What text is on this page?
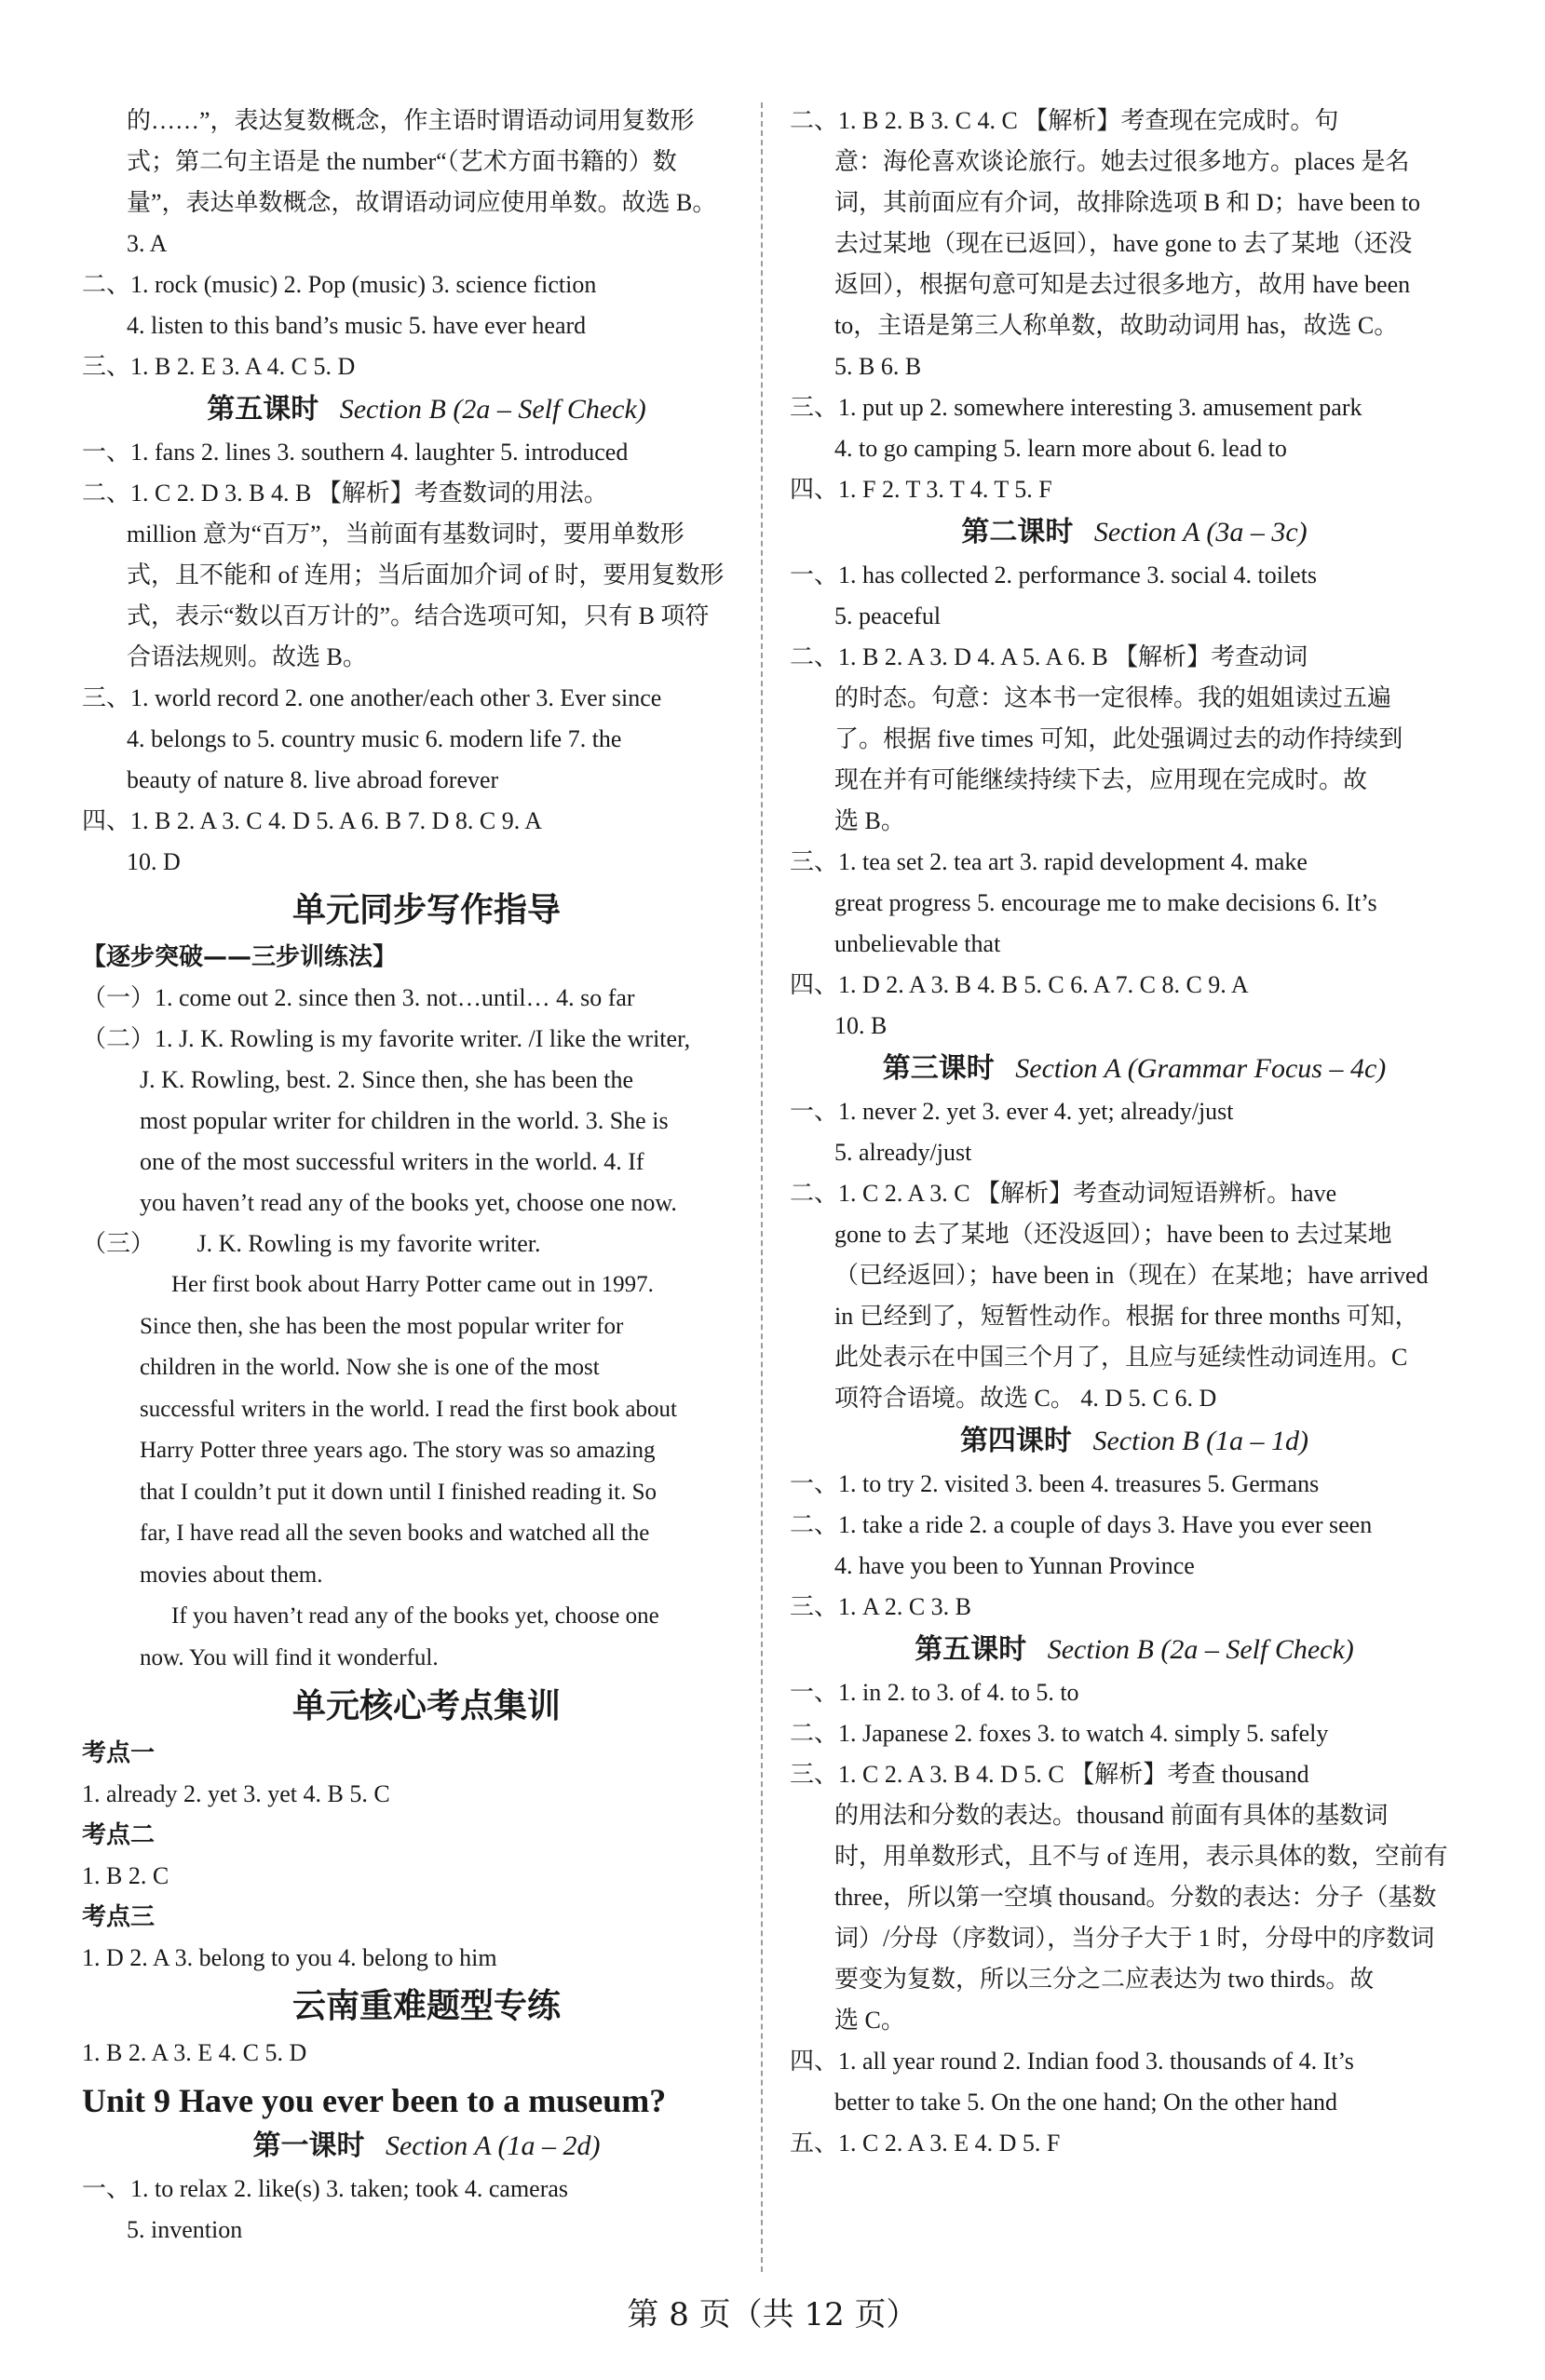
的……”，表达复数概念，作主语时谓语动词用复数形

式；第二句主语是 the number“（艺术方面书籍的）数

量”，表达单数概念，故谓语动词应使用单数。故选 B。

3. A

二、1. rock (music) 2. Pop (music) 3. science fiction

4. listen to this band’s music 5. have ever heard

三、1. B 2. E 3. A 4. C 5. D

第五课时 Section B (2a – Self Check)

一、1. fans 2. lines 3. southern 4. laughter 5. introduced

二、1. C 2. D 3. B 4. B 【解析】考查数词的用法。

million 意为“百万”，当前面有基数词时，要用单数形

式，且不能和 of 连用；当后面加介词 of 时，要用复数形

式，表示“数以百万计的”。结合选项可知，只有 B 项符

合语法规则。故选 B。

三、1. world record 2. one another/each other 3. Ever since

4. belongs to 5. country music 6. modern life 7. the

beauty of nature 8. live abroad forever

四、1. B 2. A 3. C 4. D 5. A 6. B 7. D 8. C 9. A

10. D

单元同步写作指导

【逐步突破——三步训练法】

（一）1. come out 2. since then 3. not…until… 4. so far

（二）1. J. K. Rowling is my favorite writer. /I like the writer,

J. K. Rowling, best. 2. Since then, she has been the

most popular writer for children in the world. 3. She is

one of the most successful writers in the world. 4. If

you haven’t read any of the books yet, choose one now.

（三） J. K. Rowling is my favorite writer.

Her first book about Harry Potter came out in 1997.

Since then, she has been the most popular writer for

children in the world. Now she is one of the most

successful writers in the world. I read the first book about

Harry Potter three years ago. The story was so amazing

that I couldn’t put it down until I finished reading it. So

far, I have read all the seven books and watched all the

movies about them.

If you haven’t read any of the books yet, choose one

now. You will find it wonderful.

单元核心考点集训

考点一

1. already 2. yet 3. yet 4. B 5. C

考点二

1. B 2. C

考点三

1. D 2. A 3. belong to you 4. belong to him

云南重难题型专练

1. B 2. A 3. E 4. C 5. D

Unit 9 Have you ever been to a museum?

第一课时 Section A (1a – 2d)

一、1. to relax 2. like(s) 3. taken; took 4. cameras

5. invention

二、1. B 2. B 3. C 4. C 【解析】考查现在完成时。句

意：海伦喜欢谈论旅行。她去过很多地方。places 是名

词，其前面应有介词，故排除选项 B 和 D；have been to

去过某地（现在已返回），have gone to 去了某地（还没

返回），根据句意可知是去过很多地方，故用 have been

to，主语是第三人称单数，故助动词用 has，故选 C。

5. B 6. B

三、1. put up 2. somewhere interesting 3. amusement park

4. to go camping 5. learn more about 6. lead to

四、1. F 2. T 3. T 4. T 5. F

第二课时 Section A (3a – 3c)

一、1. has collected 2. performance 3. social 4. toilets

5. peaceful

二、1. B 2. A 3. D 4. A 5. A 6. B 【解析】考查动词

的时态。句意：这本书一定很棒。我的姐姐读过五遍

了。根据 five times 可知，此处强调过去的动作持续到

现在并有可能继续持续下去，应用现在完成时。故

选 B。

三、1. tea set 2. tea art 3. rapid development 4. make

great progress 5. encourage me to make decisions 6. It’s

unbelievable that

四、1. D 2. A 3. B 4. B 5. C 6. A 7. C 8. C 9. A

10. B

第三课时 Section A (Grammar Focus – 4c)

一、1. never 2. yet 3. ever 4. yet; already/just

5. already/just

二、1. C 2. A 3. C 【解析】考查动词短语辨析。have

gone to 去了某地（还没返回）；have been to 去过某地

（已经返回）；have been in（现在）在某地；have arrived

in 已经到了，短暂性动作。根据 for three months 可知，

此处表示在中国三个月了，且应与延续性动词连用。C

项符合语境。故选 C。 4. D 5. C 6. D

第四课时 Section B (1a – 1d)

一、1. to try 2. visited 3. been 4. treasures 5. Germans

二、1. take a ride 2. a couple of days 3. Have you ever seen

4. have you been to Yunnan Province

三、1. A 2. C 3. B

第五课时 Section B (2a – Self Check)

一、1. in 2. to 3. of 4. to 5. to

二、1. Japanese 2. foxes 3. to watch 4. simply 5. safely

三、1. C 2. A 3. B 4. D 5. C 【解析】考查 thousand

的用法和分数的表达。thousand 前面有具体的基数词

时，用单数形式，且不与 of 连用，表示具体的数，空前有

three，所以第一空填 thousand。分数的表达：分子（基数

词）/分母（序数词），当分子大于 1 时，分母中的序数词

要变为复数，所以三分之二应表达为 two thirds。故

选 C。

四、1. all year round 2. Indian food 3. thousands of 4. It’s

better to take 5. On the one hand; On the other hand

五、1. C 2. A 3. E 4. D 5. F

第 8 页（共 12 页）
